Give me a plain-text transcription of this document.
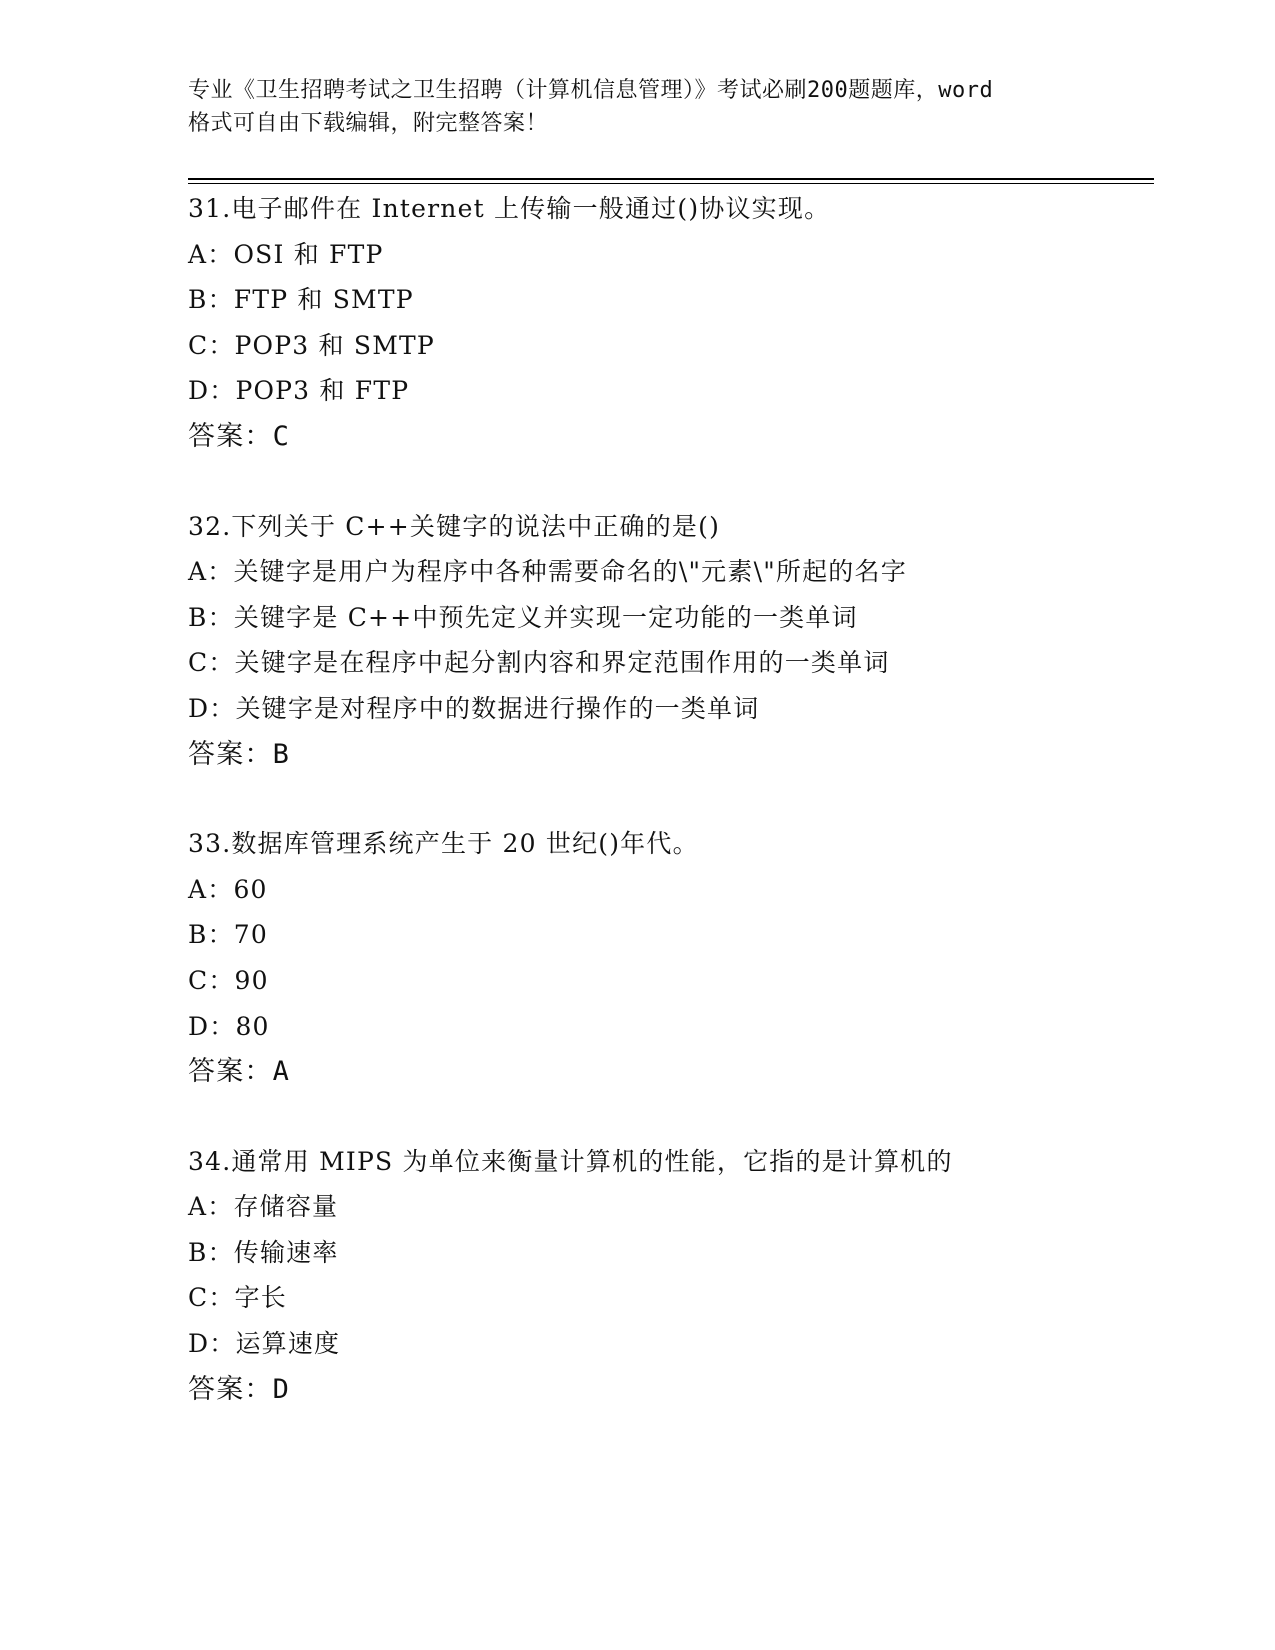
专业《卫生招聘考试之卫生招聘（计算机信息管理）》考试必刷200题题库，word
格式可自由下载编辑，附完整答案！
31.电子邮件在 Internet 上传输一般通过()协议实现。
A：OSI 和 FTP
B：FTP 和 SMTP
C：POP3 和 SMTP
D：POP3 和 FTP
答案：C
32.下列关于 C++关键字的说法中正确的是()
A：关键字是用户为程序中各种需要命名的\"元素\"所起的名字
B：关键字是 C++中预先定义并实现一定功能的一类单词
C：关键字是在程序中起分割内容和界定范围作用的一类单词
D：关键字是对程序中的数据进行操作的一类单词
答案：B
33.数据库管理系统产生于 20 世纪()年代。
A：60
B：70
C：90
D：80
答案：A
34.通常用 MIPS 为单位来衡量计算机的性能，它指的是计算机的
A：存储容量
B：传输速率
C：字长
D：运算速度
答案：D
